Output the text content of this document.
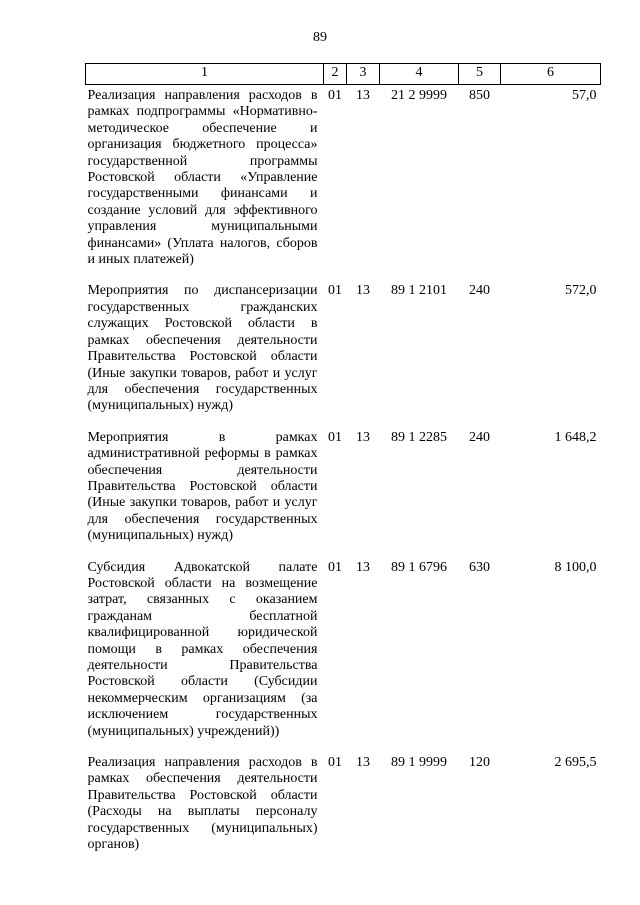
89
1	2	3	4	5	6
Реализация направления расходов в рамках подпрограммы «Нормативно-методическое обеспечение и организация бюджетного процесса» государственной программы Ростовской области «Управление государственными финансами и создание условий для эффективного управления муниципальными финансами» (Уплата налогов, сборов и иных платежей)	01	13	21 2 9999	850	57,0
Мероприятия по диспансеризации государственных гражданских служащих Ростовской области в рамках обеспечения деятельности Правительства Ростовской области (Иные закупки товаров, работ и услуг для обеспечения государственных (муниципальных) нужд)	01	13	89 1 2101	240	572,0
Мероприятия в рамках административной реформы в рамках обеспечения деятельности Правительства Ростовской области (Иные закупки товаров, работ и услуг для обеспечения государственных (муниципальных) нужд)	01	13	89 1 2285	240	1 648,2
Субсидия Адвокатской палате Ростовской области на возмещение затрат, связанных с оказанием гражданам бесплатной квалифицированной юридической помощи в рамках обеспечения деятельности Правительства Ростовской области (Субсидии некоммерческим организациям (за исключением государственных (муниципальных) учреждений))	01	13	89 1 6796	630	8 100,0
Реализация направления расходов в рамках обеспечения деятельности Правительства Ростовской области (Расходы на выплаты персоналу государственных (муниципальных) органов)	01	13	89 1 9999	120	2 695,5
